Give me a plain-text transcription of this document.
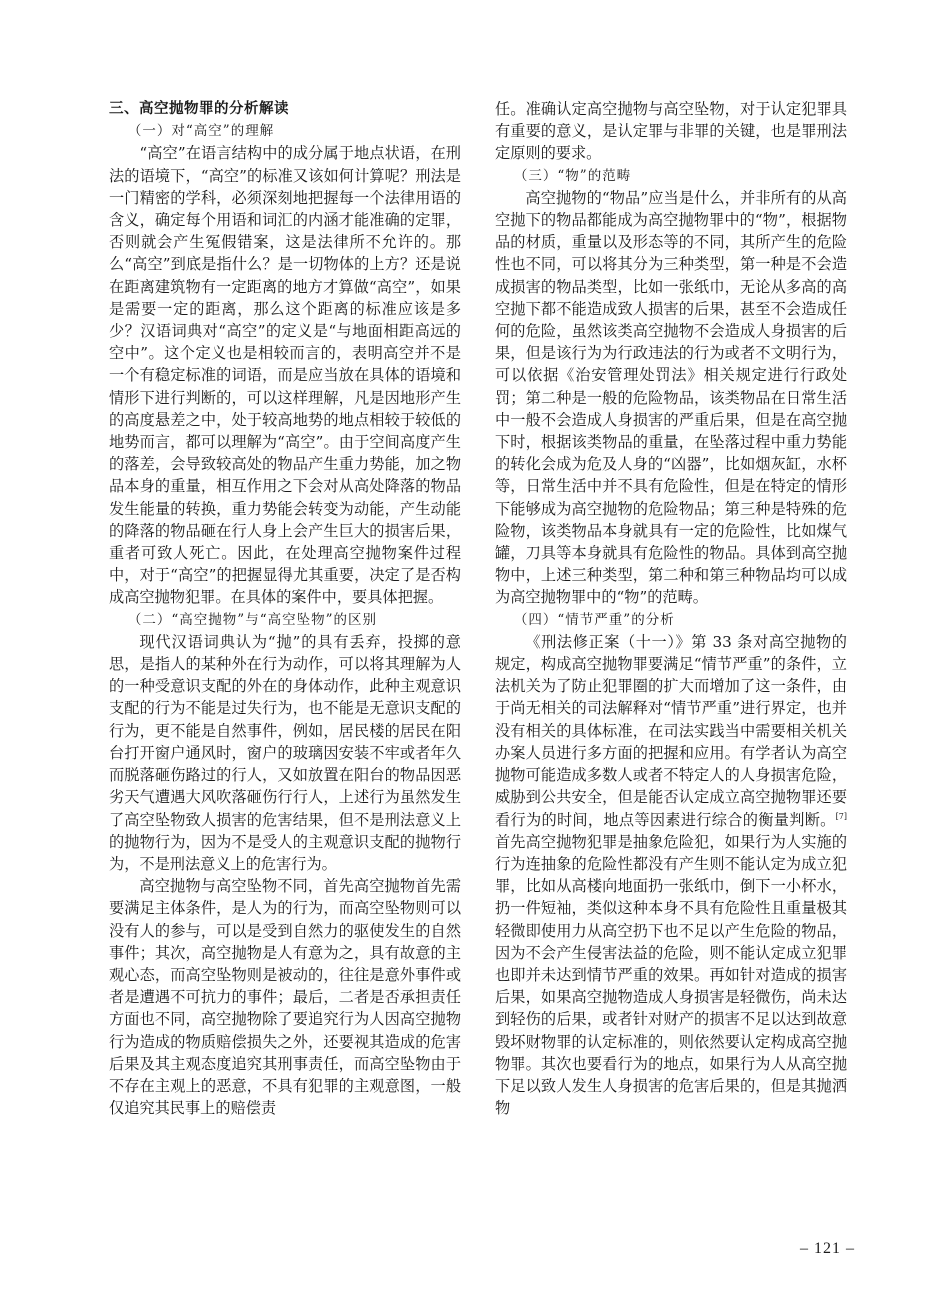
三、高空抛物罪的分析解读
（一）对“高空”的理解

“高空”在语言结构中的成分属于地点状语，在刑法的语境下，“高空”的标准又该如何计算呢？刑法是一门精密的学科，必须深刻地把握每一个法律用语的含义，确定每个用语和词汇的内涵才能准确的定罪，否则就会产生冤假错案，这是法律所不允许的。那么“高空”到底是指什么？是一切物体的上方？还是说在距离建筑物有一定距离的地方才算做“高空”，如果是需要一定的距离，那么这个距离的标准应该是多少？汉语词典对“高空”的定义是“与地面相距高远的空中”。这个定义也是相较而言的，表明高空并不是一个有稳定标准的词语，而是应当放在具体的语境和情形下进行判断的，可以这样理解，凡是因地形产生的高度悬差之中，处于较高地势的地点相较于较低的地势而言，都可以理解为“高空”。由于空间高度产生的落差，会导致较高处的物品产生重力势能，加之物品本身的重量，相互作用之下会对从高处降落的物品发生能量的转换，重力势能会转变为动能，产生动能的降落的物品砸在行人身上会产生巨大的损害后果，重者可致人死亡。因此，在处理高空抛物案件过程中，对于“高空”的把握显得尤其重要，决定了是否构成高空抛物犯罪。在具体的案件中，要具体把握。

（二）“高空抛物”与“高空坠物”的区别

现代汉语词典认为“抛”的具有丢弃，投掷的意思，是指人的某种外在行为动作，可以将其理解为人的一种受意识支配的外在的身体动作，此种主观意识支配的行为不能是过失行为，也不能是无意识支配的行为，更不能是自然事件，例如，居民楼的居民在阳台打开窗户通风时，窗户的玻璃因安装不牢或者年久而脱落砸伤路过的行人，又如放置在阳台的物品因恶劣天气遭遇大风吹落砸伤行行人，上述行为虽然发生了高空坠物致人损害的危害结果，但不是刑法意义上的抛物行为，因为不是受人的主观意识支配的抛物行为，不是刑法意义上的危害行为。

高空抛物与高空坠物不同，首先高空抛物首先需要满足主体条件，是人为的行为，而高空坠物则可以没有人的参与，可以是受到自然力的驱使发生的自然事件；其次，高空抛物是人有意为之，具有故意的主观心态，而高空坠物则是被动的，往往是意外事件或者是遭遇不可抗力的事件；最后，二者是否承担责任方面也不同，高空抛物除了要追究行为人因高空抛物行为造成的物质赔偿损失之外，还要视其造成的危害后果及其主观态度追究其刑事责任，而高空坠物由于不存在主观上的恶意，不具有犯罪的主观意图，一般仅追究其民事上的赔偿责

任。准确认定高空抛物与高空坠物，对于认定犯罪具有重要的意义，是认定罪与非罪的关键，也是罪刑法定原则的要求。

（三）“物”的范畴

高空抛物的“物品”应当是什么，并非所有的从高空抛下的物品都能成为高空抛物罪中的“物”，根据物品的材质，重量以及形态等的不同，其所产生的危险性也不同，可以将其分为三种类型，第一种是不会造成损害的物品类型，比如一张纸巾，无论从多高的高空抛下都不能造成致人损害的后果，甚至不会造成任何的危险，虽然该类高空抛物不会造成人身损害的后果，但是该行为为行政违法的行为或者不文明行为，可以依据《治安管理处罚法》相关规定进行行政处罚；第二种是一般的危险物品，该类物品在日常生活中一般不会造成人身损害的严重后果，但是在高空抛下时，根据该类物品的重量，在坠落过程中重力势能的转化会成为危及人身的“凶器”，比如烟灰缸，水杯等，日常生活中并不具有危险性，但是在特定的情形下能够成为高空抛物的危险物品；第三种是特殊的危险物，该类物品本身就具有一定的危险性，比如煤气罐，刀具等本身就具有危险性的物品。具体到高空抛物中，上述三种类型，第二种和第三种物品均可以成为高空抛物罪中的“物”的范畴。

（四）“情节严重”的分析

《刑法修正案（十一）》第 33 条对高空抛物的规定，构成高空抛物罪要满足“情节严重”的条件，立法机关为了防止犯罪圈的扩大而增加了这一条件，由于尚无相关的司法解释对“情节严重”进行界定，也并没有相关的具体标准，在司法实践当中需要相关机关办案人员进行多方面的把握和应用。有学者认为高空抛物可能造成多数人或者不特定人的人身损害危险，威胁到公共安全，但是能否认定成立高空抛物罪还要看行为的时间，地点等因素进行综合的衡量判断。[7]首先高空抛物犯罪是抽象危险犯，如果行为人实施的行为连抽象的危险性都没有产生则不能认定为成立犯罪，比如从高楼向地面扔一张纸巾，倒下一小杯水，扔一件短袖，类似这种本身不具有危险性且重量极其轻微即使用力从高空扔下也不足以产生危险的物品，因为不会产生侵害法益的危险，则不能认定成立犯罪也即并未达到情节严重的效果。再如针对造成的损害后果，如果高空抛物造成人身损害是轻微伤，尚未达到轻伤的后果，或者针对财产的损害不足以达到故意毁坏财物罪的认定标准的，则依然要认定构成高空抛物罪。其次也要看行为的地点，如果行为人从高空抛下足以致人发生人身损害的危害后果的，但是其抛洒物

– 121 –
